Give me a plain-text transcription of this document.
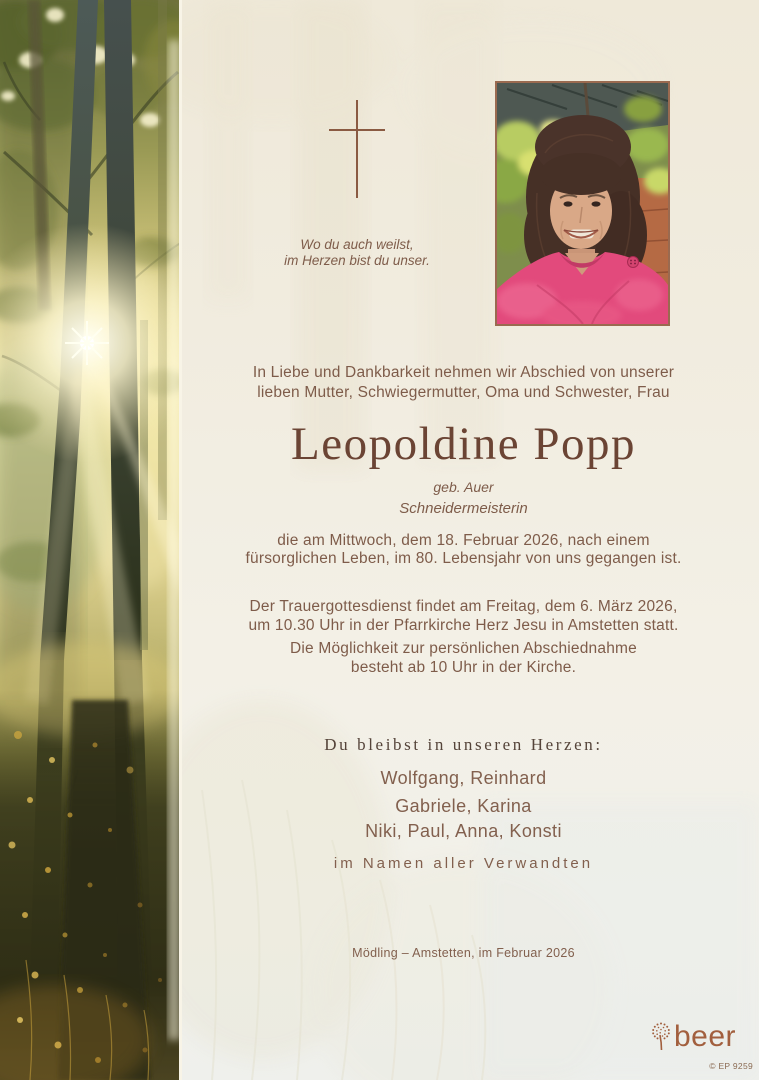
Wo du auch weilst,
im Herzen bist du unser.
In Liebe und Dankbarkeit nehmen wir Abschied von unserer
lieben Mutter, Schwiegermutter, Oma und Schwester, Frau
Leopoldine Popp
geb. Auer
Schneidermeisterin
die am Mittwoch, dem 18. Februar 2026, nach einem
fürsorglichen Leben, im 80. Lebensjahr von uns gegangen ist.
Der Trauergottesdienst findet am Freitag, dem 6. März 2026,
um 10.30 Uhr in der Pfarrkirche Herz Jesu in Amstetten statt.
Die Möglichkeit zur persönlichen Abschiednahme
besteht ab 10 Uhr in der Kirche.
Du bleibst in unseren Herzen:
Wolfgang, Reinhard
Gabriele, Karina
Niki, Paul, Anna, Konsti
im Namen aller Verwandten
Mödling – Amstetten, im Februar 2026
beer
© EP 9259
